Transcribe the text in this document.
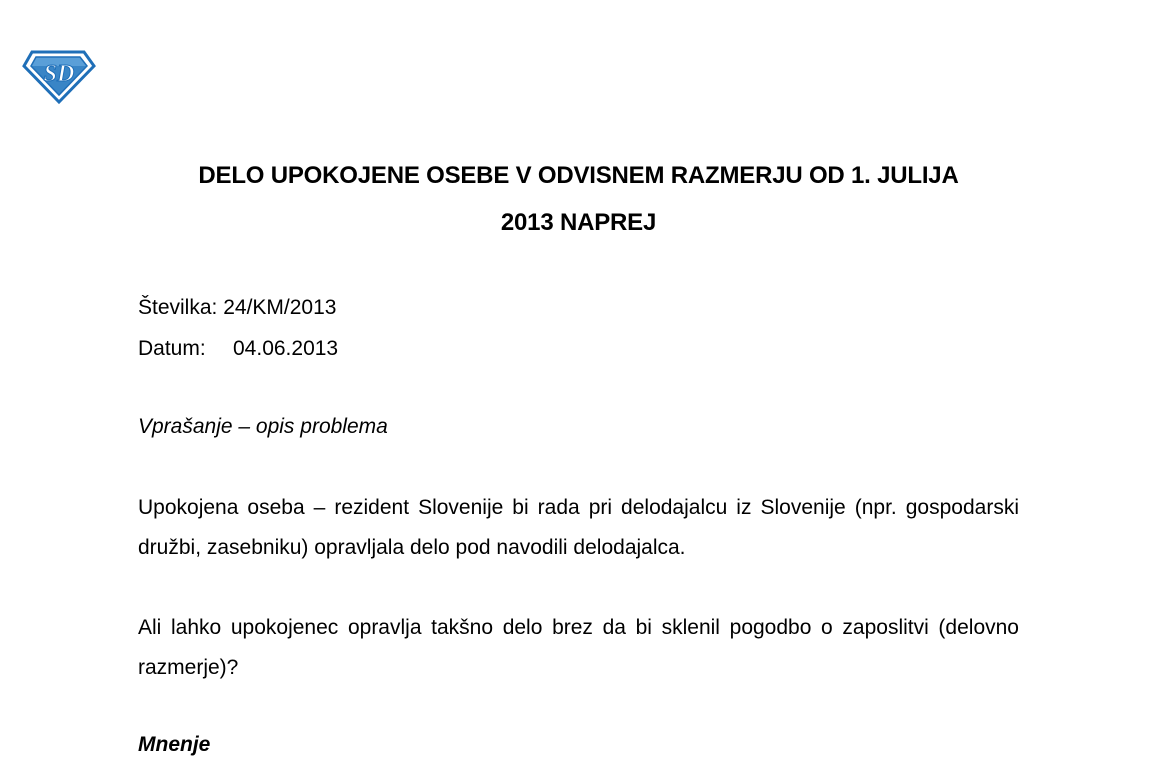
SD
DELO UPOKOJENE OSEBE V ODVISNEM RAZMERJU OD 1. JULIJA
2013 NAPREJ
Številka:
24/KM/2013
Datum:	04.06.2013
Vprašanje – opis problema
Upokojena oseba – rezident Slovenije bi rada pri delodajalcu iz Slovenije (npr. gospodarski družbi, zasebniku) opravljala delo pod navodili delodajalca.
Ali lahko upokojenec opravlja takšno delo brez da bi sklenil pogodbo o zaposlitvi (delovno razmerje)?
Mnenje
